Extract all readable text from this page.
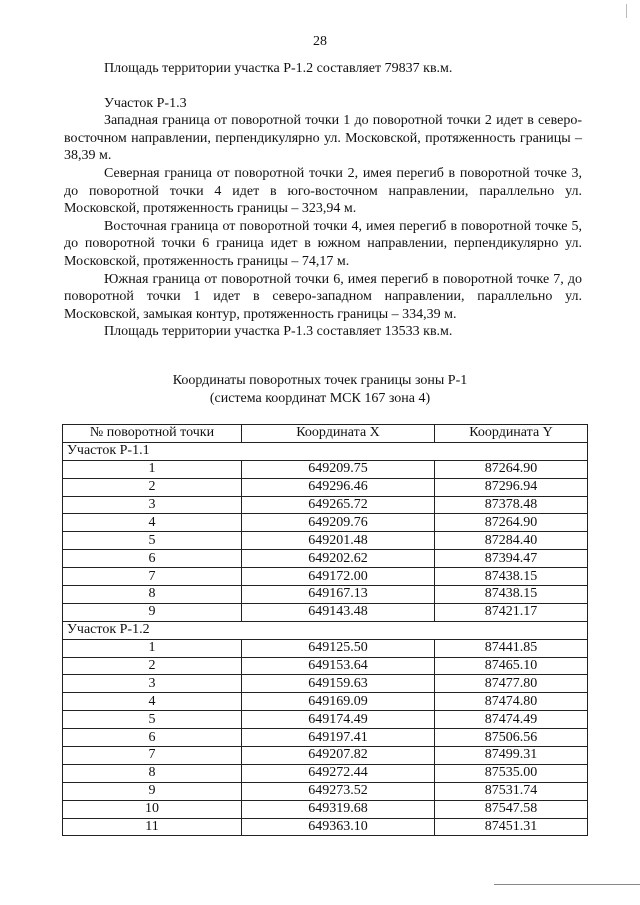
28

Площадь территории участка Р-1.2 составляет 79837 кв.м.

Участок Р-1.3

Западная граница от поворотной точки 1 до поворотной точки 2 идет в северо-восточном направлении, перпендикулярно ул. Московской, протяженность границы – 38,39 м.

Северная граница от поворотной точки 2, имея перегиб в поворотной точке 3, до поворотной точки 4 идет в юго-восточном направлении, параллельно ул. Московской, протяженность границы – 323,94 м.

Восточная граница от поворотной точки 4, имея перегиб в поворотной точке 5, до поворотной точки 6 граница идет в южном направлении, перпендикулярно ул. Московской, протяженность границы – 74,17 м.

Южная граница от поворотной точки 6, имея перегиб в поворотной точке 7, до поворотной точки 1 идет в северо-западном направлении, параллельно ул. Московской, замыкая контур, протяженность границы – 334,39 м.

Площадь территории участка Р-1.3 составляет 13533 кв.м.

Координаты поворотных точек границы зоны Р-1
(система координат МСК 167 зона 4)
№ поворотной точки	Координата X	Координата Y
Участок Р-1.1		
1	649209.75	87264.90
2	649296.46	87296.94
3	649265.72	87378.48
4	649209.76	87264.90
5	649201.48	87284.40
6	649202.62	87394.47
7	649172.00	87438.15
8	649167.13	87438.15
9	649143.48	87421.17
Участок Р-1.2		
1	649125.50	87441.85
2	649153.64	87465.10
3	649159.63	87477.80
4	649169.09	87474.80
5	649174.49	87474.49
6	649197.41	87506.56
7	649207.82	87499.31
8	649272.44	87535.00
9	649273.52	87531.74
10	649319.68	87547.58
11	649363.10	87451.31
